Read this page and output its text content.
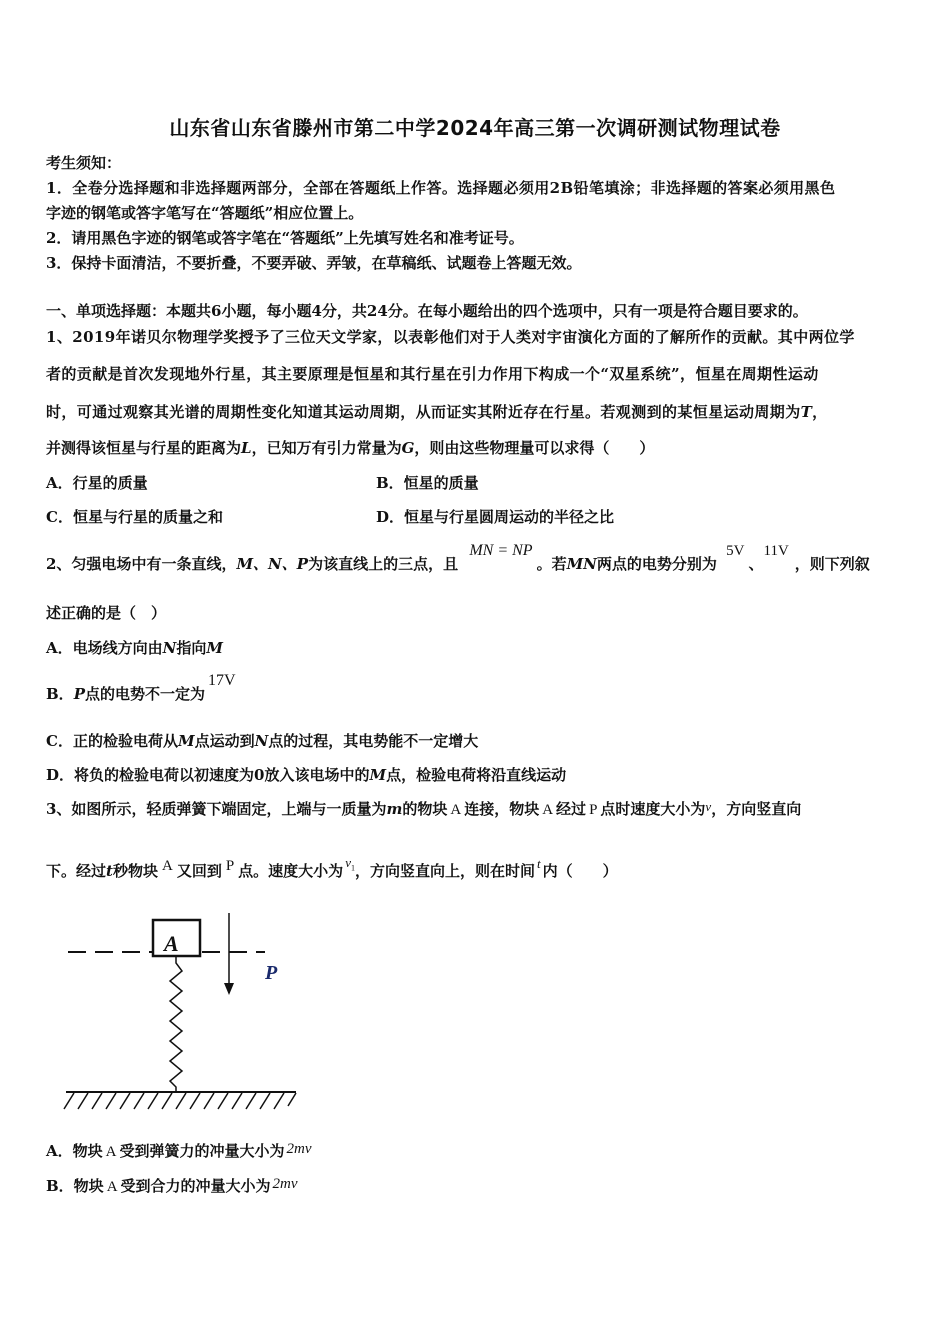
山东省山东省滕州市第二中学2024年高三第一次调研测试物理试卷
考生须知：
1．全卷分选择题和非选择题两部分，全部在答题纸上作答。选择题必须用2B铅笔填涂；非选择题的答案必须用黑色
字迹的钢笔或答字笔写在“答题纸”相应位置上。
2．请用黑色字迹的钢笔或答字笔在“答题纸”上先填写姓名和准考证号。
3．保持卡面清洁，不要折叠，不要弄破、弄皱，在草稿纸、试题卷上答题无效。
一、单项选择题：本题共6小题，每小题4分，共24分。在每小题给出的四个选项中，只有一项是符合题目要求的。
1、2019年诺贝尔物理学奖授予了三位天文学家，以表彰他们对于人类对宇宙演化方面的了解所作的贡献。其中两位学
者的贡献是首次发现地外行星，其主要原理是恒星和其行星在引力作用下构成一个“双星系统”，恒星在周期性运动
时，可通过观察其光谱的周期性变化知道其运动周期，从而证实其附近存在行星。若观测到的某恒星运动周期为T，
并测得该恒星与行星的距离为L，已知万有引力常量为G，则由这些物理量可以求得（　　）
A．行星的质量	B．恒星的质量
C．恒星与行星的质量之和	D．恒星与行星圆周运动的半径之比
2、匀强电场中有一条直线，M、N、P为该直线上的三点，且 MN = NP。若MN两点的电势分别为 5V、11V，则下列叙
述正确的是（　）
A．电场线方向由N指向M
B．P点的电势不一定为17V
C．正的检验电荷从M点运动到N点的过程，其电势能不一定增大
D．将负的检验电荷以初速度为0放入该电场中的M点，检验电荷将沿直线运动
3、如图所示，轻质弹簧下端固定，上端与一质量为m的物块 A 连接，物块 A 经过 P 点时速度大小为v，方向竖直向
下。经过t秒物块 A 又回到 P 点。速度大小为 $v_1$，方向竖直向上，则在时间 t 内（　　）
A
P
A．物块 A 受到弹簧力的冲量大小为 2mv
B．物块 A 受到合力的冲量大小为 2mv
